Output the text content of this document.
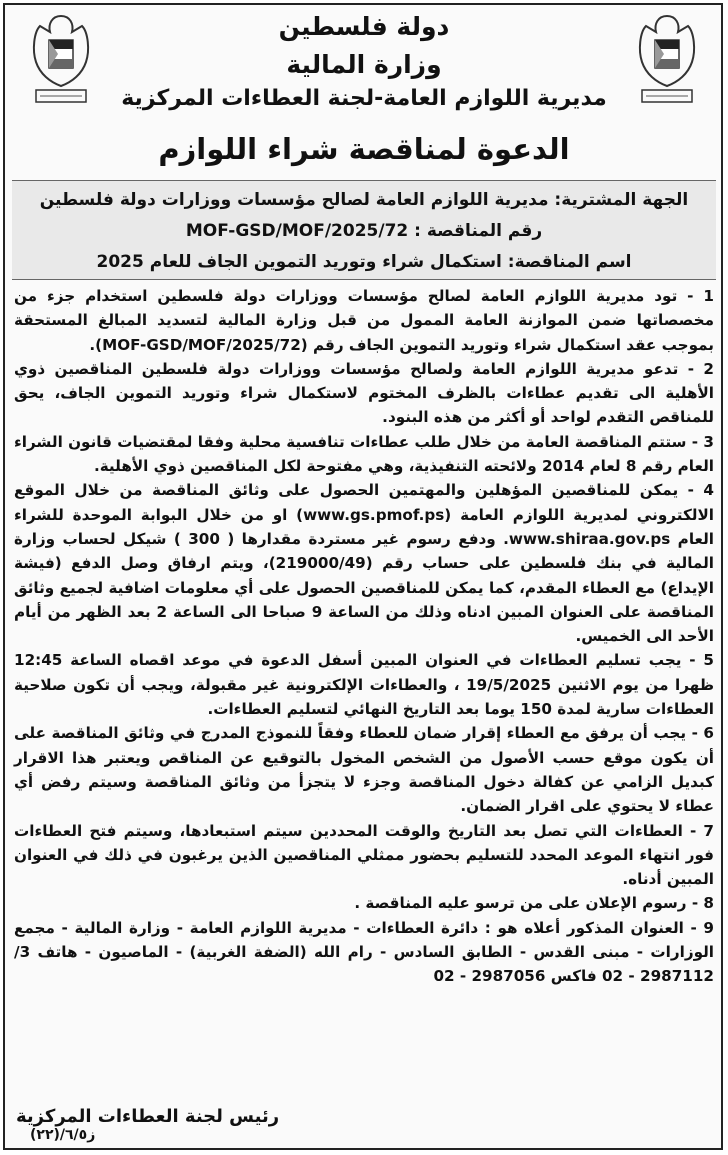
دولة فلسطين
وزارة المالية
مديرية اللوازم العامة-لجنة العطاءات المركزية
الدعوة لمناقصة شراء اللوازم
الجهة المشترية: مديرية اللوازم العامة لصالح مؤسسات ووزارات دولة فلسطين
رقم المناقصة : MOF-GSD/MOF/2025/72
اسم المناقصة: استكمال شراء وتوريد التموين الجاف للعام 2025

1 - تود مديرية اللوازم العامة لصالح مؤسسات ووزارات دولة فلسطين استخدام جزء من مخصصاتها ضمن الموازنة العامة الممول من قبل وزارة المالية لتسديد المبالغ المستحقة بموجب عقد استكمال شراء وتوريد التموين الجاف رقم (MOF-GSD/MOF/2025/72).

2 - تدعو مديرية اللوازم العامة ولصالح مؤسسات ووزارات دولة فلسطين المناقصين ذوي الأهلية الى تقديم عطاءات بالظرف المختوم لاستكمال شراء وتوريد التموين الجاف، يحق للمناقص التقدم لواحد أو أكثر من هذه البنود.

3 - ستتم المناقصة العامة من خلال طلب عطاءات تنافسية محلية وفقا لمقتضيات قانون الشراء العام رقم 8 لعام 2014 ولائحته التنفيذية، وهي مفتوحة لكل المناقصين ذوي الأهلية.

4 - يمكن للمناقصين المؤهلين والمهتمين الحصول على وثائق المناقصة من خلال الموقع الالكتروني لمديرية اللوازم العامة (www.gs.pmof.ps) او من خلال البوابة الموحدة للشراء العام www.shiraa.gov.ps. ودفع رسوم غير مستردة مقدارها ( 300 ) شيكل لحساب وزارة المالية في بنك فلسطين على حساب رقم (219000/49)، ويتم ارفاق وصل الدفع (فيشة الإيداع) مع العطاء المقدم، كما يمكن للمناقصين الحصول على أي معلومات اضافية لجميع وثائق المناقصة على العنوان المبين ادناه وذلك من الساعة 9 صباحا الى الساعة 2 بعد الظهر من أيام الأحد الى الخميس.

5 - يجب تسليم العطاءات في العنوان المبين أسفل الدعوة في موعد اقصاه الساعة 12:45 ظهرا من يوم الاثنين 19/5/2025 ، والعطاءات الإلكترونية غير مقبولة، ويجب أن تكون صلاحية العطاءات سارية لمدة 150 يوما بعد التاريخ النهائي لتسليم العطاءات.

6 - يجب أن يرفق مع العطاء إقرار ضمان للعطاء وفقاً للنموذج المدرج في وثائق المناقصة على أن يكون موقع حسب الأصول من الشخص المخول بالتوقيع عن المناقص ويعتبر هذا الاقرار كبديل الزامي عن كفالة دخول المناقصة وجزء لا يتجزأ من وثائق المناقصة وسيتم رفض أي عطاء لا يحتوي على اقرار الضمان.

7 - العطاءات التي تصل بعد التاريخ والوقت المحددين سيتم استبعادها، وسيتم فتح العطاءات فور انتهاء الموعد المحدد للتسليم بحضور ممثلي المناقصين الذين يرغبون في ذلك في العنوان المبين أدناه.

8 - رسوم الإعلان على من ترسو عليه المناقصة .

9 - العنوان المذكور أعلاه هو : دائرة العطاءات - مديرية اللوازم العامة - وزارة المالية - مجمع الوزارات - مبنى القدس - الطابق السادس - رام الله (الضفة الغربية) - الماصيون - هاتف 3/ 2987112 - 02 فاكس 2987056 - 02

رئيس لجنة العطاءات المركزية
ز٦/٥/(٢٢)
